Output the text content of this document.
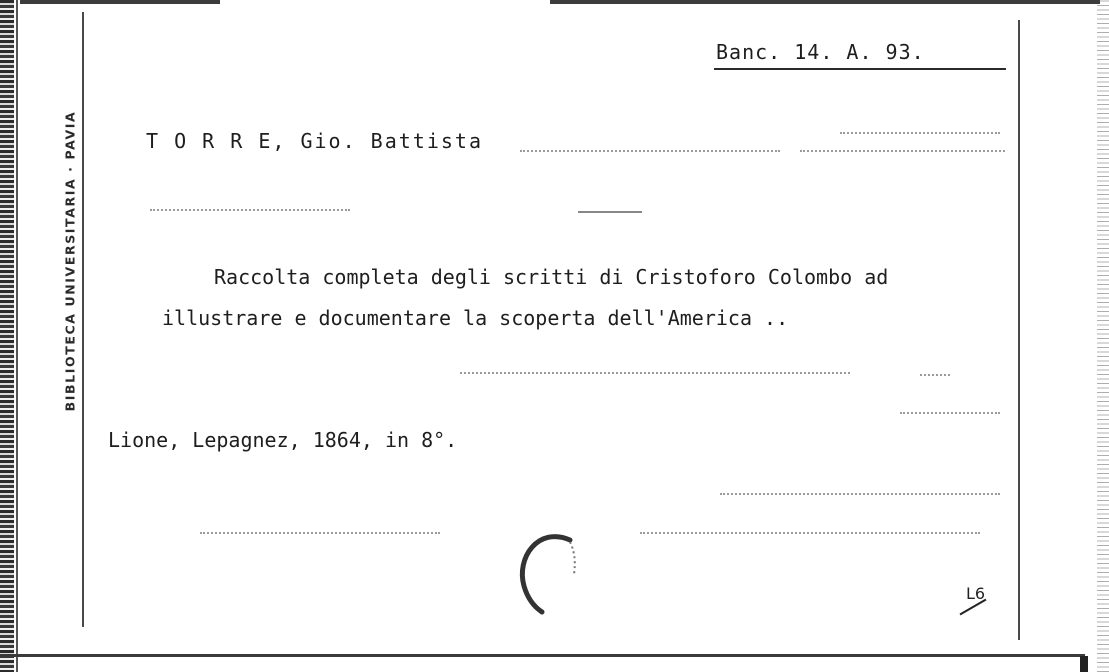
BIBLIOTECA UNIVERSITARIA · PAVIA
Banc. 14. A. 93.
T O R R E, Gio. Battista
Raccolta completa degli scritti di Cristoforo Colombo ad
illustrare e documentare la scoperta dell'America ..
Lione, Lepagnez, 1864, in 8°.
L6
